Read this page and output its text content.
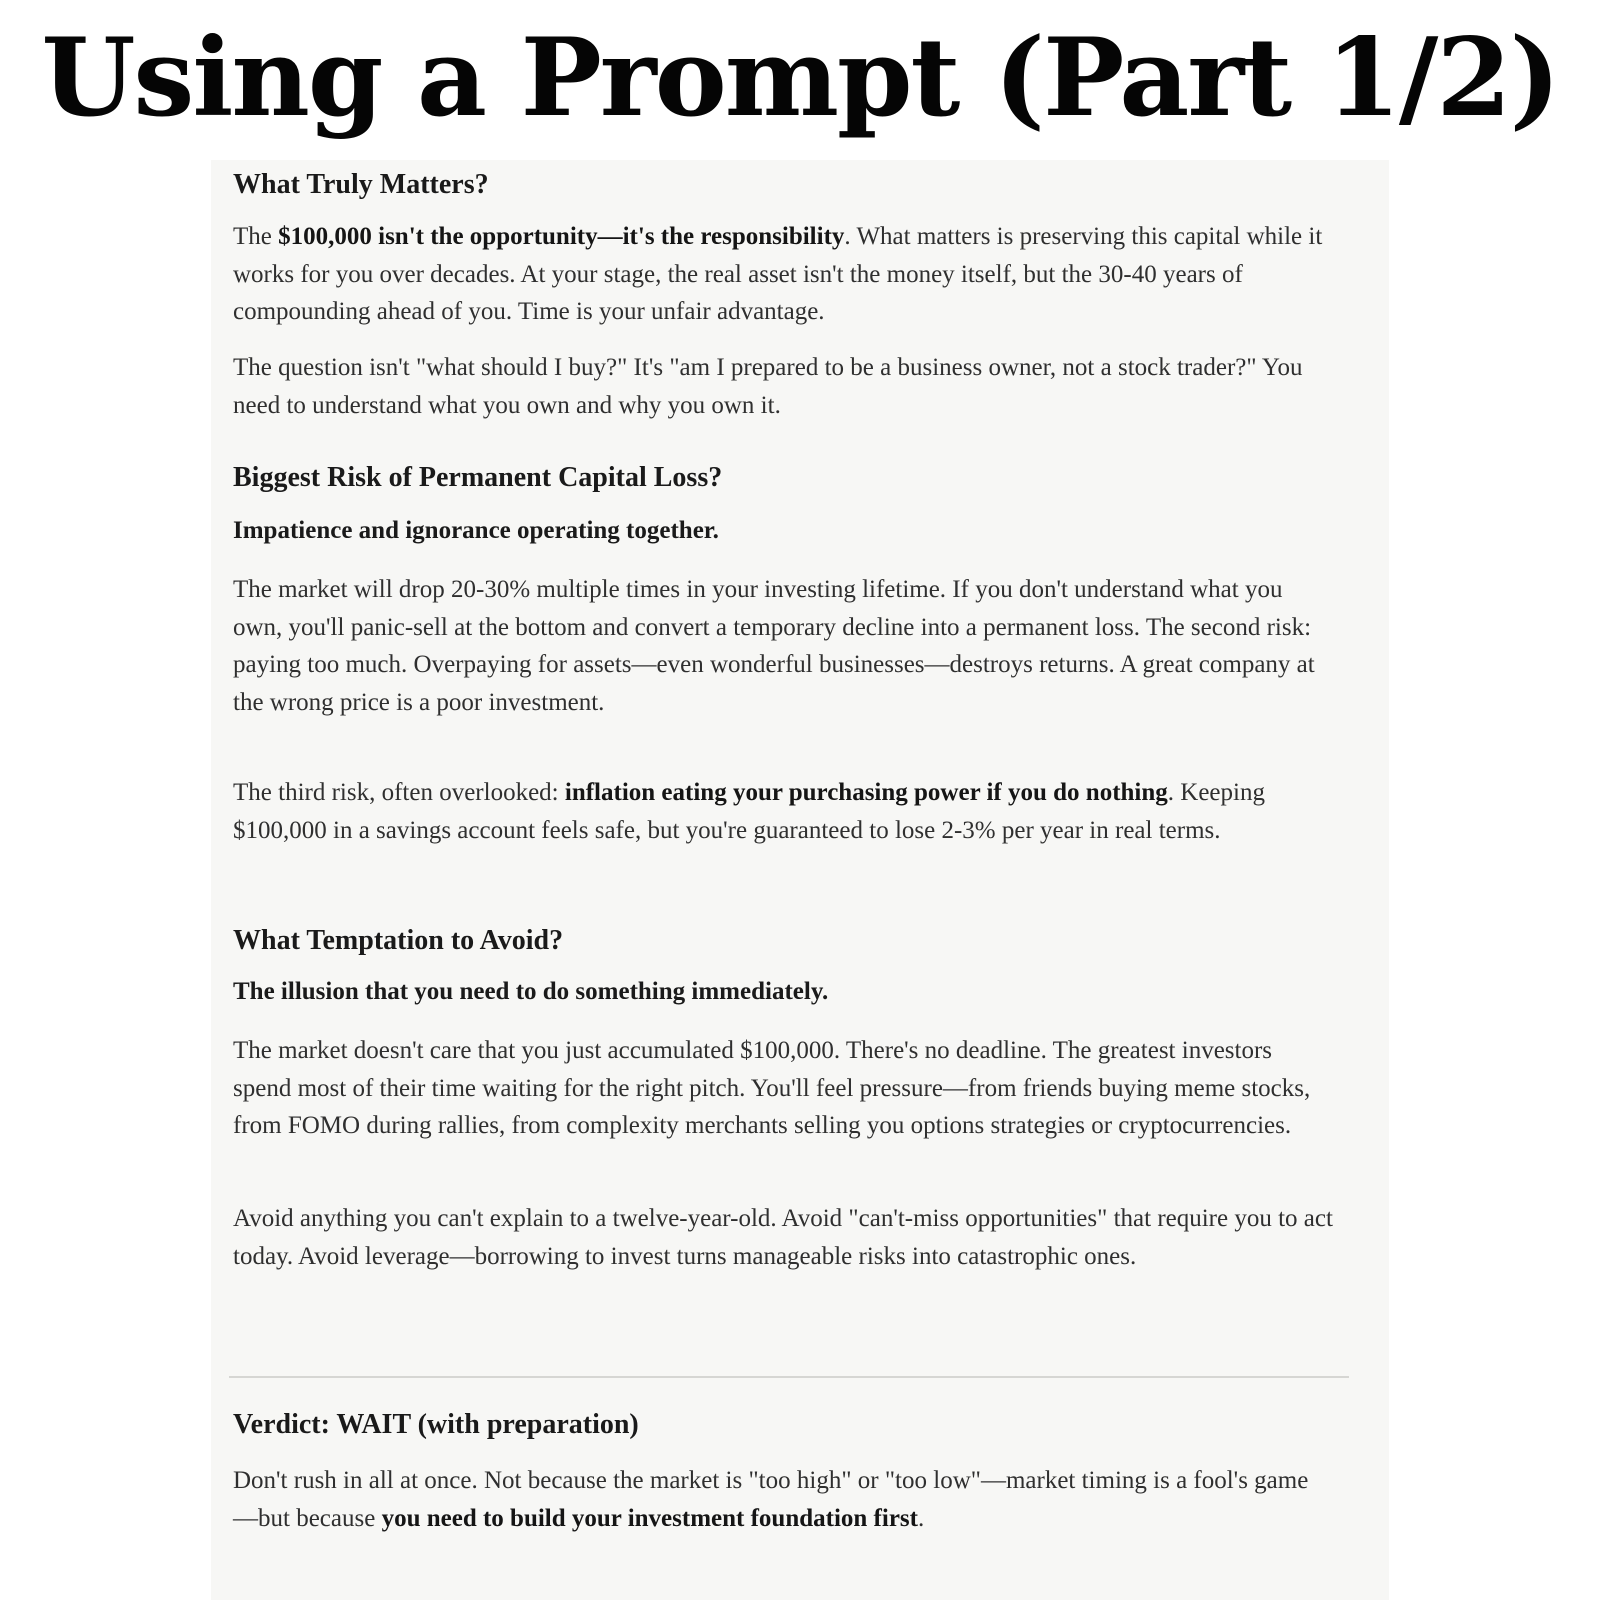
Using a Prompt (Part 1/2)
What Truly Matters?
The $100,000 isn't the opportunity—it's the responsibility. What matters is preserving this capital while it works for you over decades. At your stage, the real asset isn't the money itself, but the 30-40 years of compounding ahead of you. Time is your unfair advantage.
The question isn't "what should I buy?" It's "am I prepared to be a business owner, not a stock trader?" You need to understand what you own and why you own it.
Biggest Risk of Permanent Capital Loss?
Impatience and ignorance operating together.
The market will drop 20-30% multiple times in your investing lifetime. If you don't understand what you own, you'll panic-sell at the bottom and convert a temporary decline into a permanent loss. The second risk: paying too much. Overpaying for assets—even wonderful businesses—destroys returns. A great company at the wrong price is a poor investment.
The third risk, often overlooked: inflation eating your purchasing power if you do nothing. Keeping $100,000 in a savings account feels safe, but you're guaranteed to lose 2-3% per year in real terms.
What Temptation to Avoid?
The illusion that you need to do something immediately.
The market doesn't care that you just accumulated $100,000. There's no deadline. The greatest investors spend most of their time waiting for the right pitch. You'll feel pressure—from friends buying meme stocks, from FOMO during rallies, from complexity merchants selling you options strategies or cryptocurrencies.
Avoid anything you can't explain to a twelve-year-old. Avoid "can't-miss opportunities" that require you to act today. Avoid leverage—borrowing to invest turns manageable risks into catastrophic ones.
Verdict: WAIT (with preparation)
Don't rush in all at once. Not because the market is "too high" or "too low"—market timing is a fool's game—but because you need to build your investment foundation first.
